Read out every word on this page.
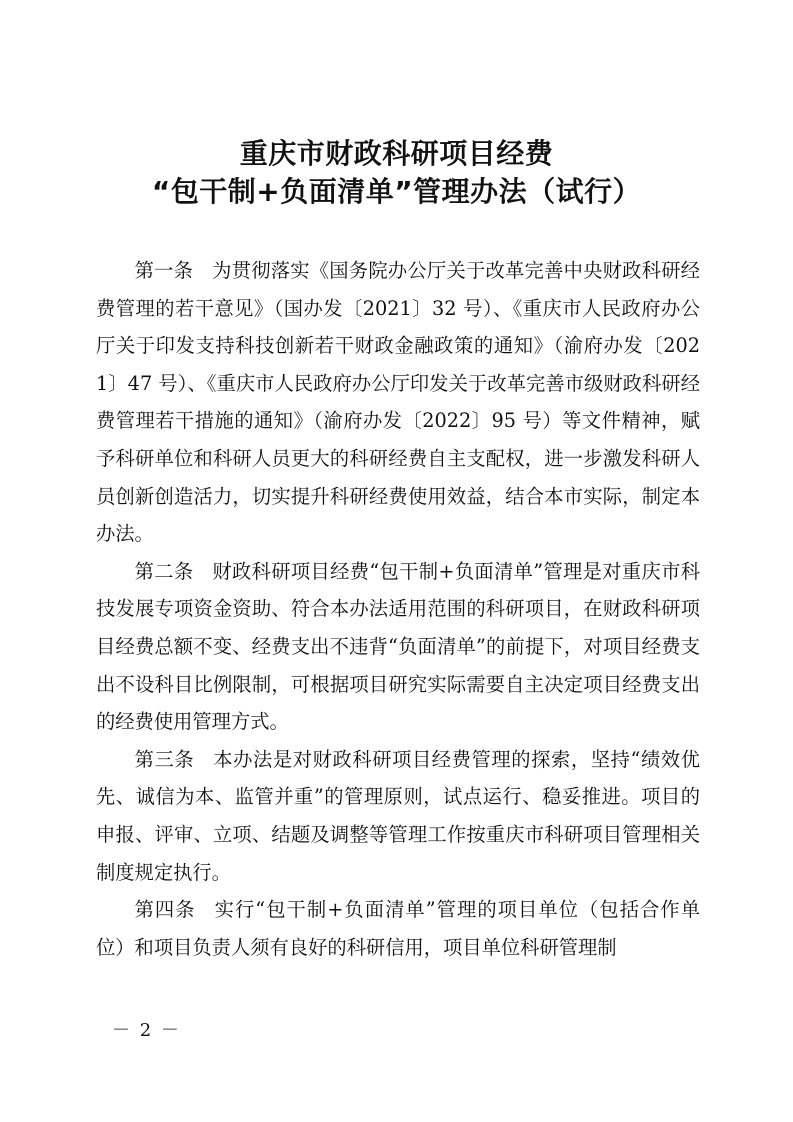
重庆市财政科研项目经费
“包干制+负面清单”管理办法（试行）

第一条 为贯彻落实《国务院办公厅关于改革完善中央财政科研经费管理的若干意见》（国办发〔2021〕32 号）、《重庆市人民政府办公厅关于印发支持科技创新若干财政金融政策的通知》（渝府办发〔2021〕47 号）、《重庆市人民政府办公厅印发关于改革完善市级财政科研经费管理若干措施的通知》（渝府办发〔2022〕95 号）等文件精神，赋予科研单位和科研人员更大的科研经费自主支配权，进一步激发科研人员创新创造活力，切实提升科研经费使用效益，结合本市实际，制定本办法。

第二条 财政科研项目经费“包干制+负面清单”管理是对重庆市科技发展专项资金资助、符合本办法适用范围的科研项目，在财政科研项目经费总额不变、经费支出不违背“负面清单”的前提下，对项目经费支出不设科目比例限制，可根据项目研究实际需要自主决定项目经费支出的经费使用管理方式。

第三条 本办法是对财政科研项目经费管理的探索，坚持“绩效优先、诚信为本、监管并重”的管理原则，试点运行、稳妥推进。项目的申报、评审、立项、结题及调整等管理工作按重庆市科研项目管理相关制度规定执行。

第四条 实行“包干制+负面清单”管理的项目单位（包括合作单位）和项目负责人须有良好的科研信用，项目单位科研管理制

－ 2 －
